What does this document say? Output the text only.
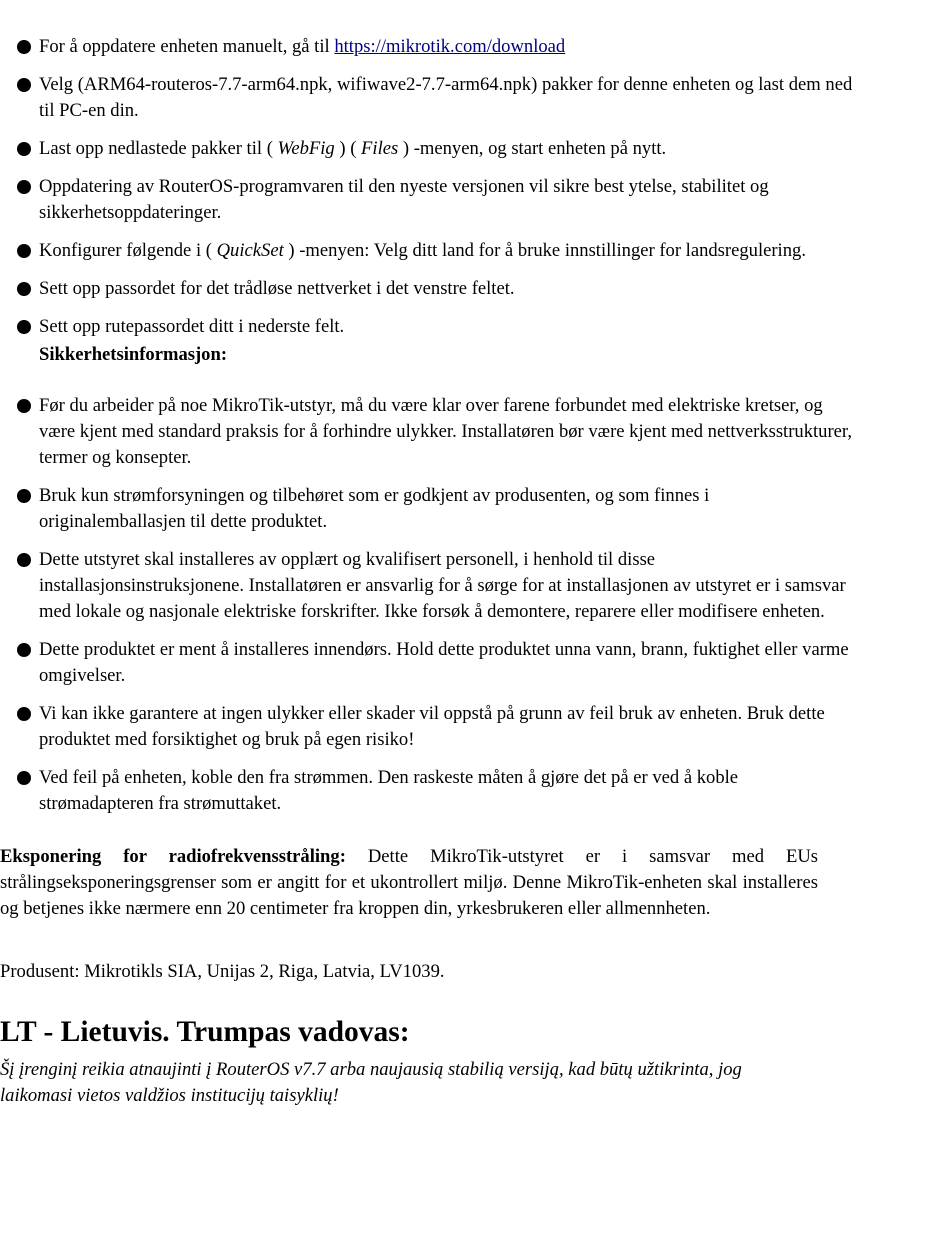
For å oppdatere enheten manuelt, gå til https://mikrotik.com/download
Velg (ARM64-routeros-7.7-arm64.npk, wifiwave2-7.7-arm64.npk) pakker for denne enheten og last dem ned til PC-en din.
Last opp nedlastede pakker til ( WebFig ) ( Files ) -menyen, og start enheten på nytt.
Oppdatering av RouterOS-programvaren til den nyeste versjonen vil sikre best ytelse, stabilitet og sikkerhetsoppdateringer.
Konfigurer følgende i ( QuickSet ) -menyen: Velg ditt land for å bruke innstillinger for landsregulering.
Sett opp passordet for det trådløse nettverket i det venstre feltet.
Sett opp rutepassordet ditt i nederste felt.
Sikkerhetsinformasjon:
Før du arbeider på noe MikroTik-utstyr, må du være klar over farene forbundet med elektriske kretser, og være kjent med standard praksis for å forhindre ulykker. Installatøren bør være kjent med nettverksstrukturer, termer og konsepter.
Bruk kun strømforsyningen og tilbehøret som er godkjent av produsenten, og som finnes i originalemballasjen til dette produktet.
Dette utstyret skal installeres av opplært og kvalifisert personell, i henhold til disse installasjonsinstruksjonene. Installatøren er ansvarlig for å sørge for at installasjonen av utstyret er i samsvar med lokale og nasjonale elektriske forskrifter. Ikke forsøk å demontere, reparere eller modifisere enheten.
Dette produktet er ment å installeres innendørs. Hold dette produktet unna vann, brann, fuktighet eller varme omgivelser.
Vi kan ikke garantere at ingen ulykker eller skader vil oppstå på grunn av feil bruk av enheten. Bruk dette produktet med forsiktighet og bruk på egen risiko!
Ved feil på enheten, koble den fra strømmen. Den raskeste måten å gjøre det på er ved å koble strømadapteren fra strømuttaket.

Eksponering for radiofrekvensstråling: Dette MikroTik-utstyret er i samsvar med EUs strålingseksponeringsgrenser som er angitt for et ukontrollert miljø. Denne MikroTik-enheten skal installeres og betjenes ikke nærmere enn 20 centimeter fra kroppen din, yrkesbrukeren eller allmennheten.

Produsent: Mikrotikls SIA, Unijas 2, Riga, Latvia, LV1039.

LT - Lietuvis. Trumpas vadovas:

Šį įrenginį reikia atnaujinti į RouterOS v7.7 arba naujausią stabilią versiją, kad būtų užtikrinta, jog laikomasi vietos valdžios institucijų taisyklių!
